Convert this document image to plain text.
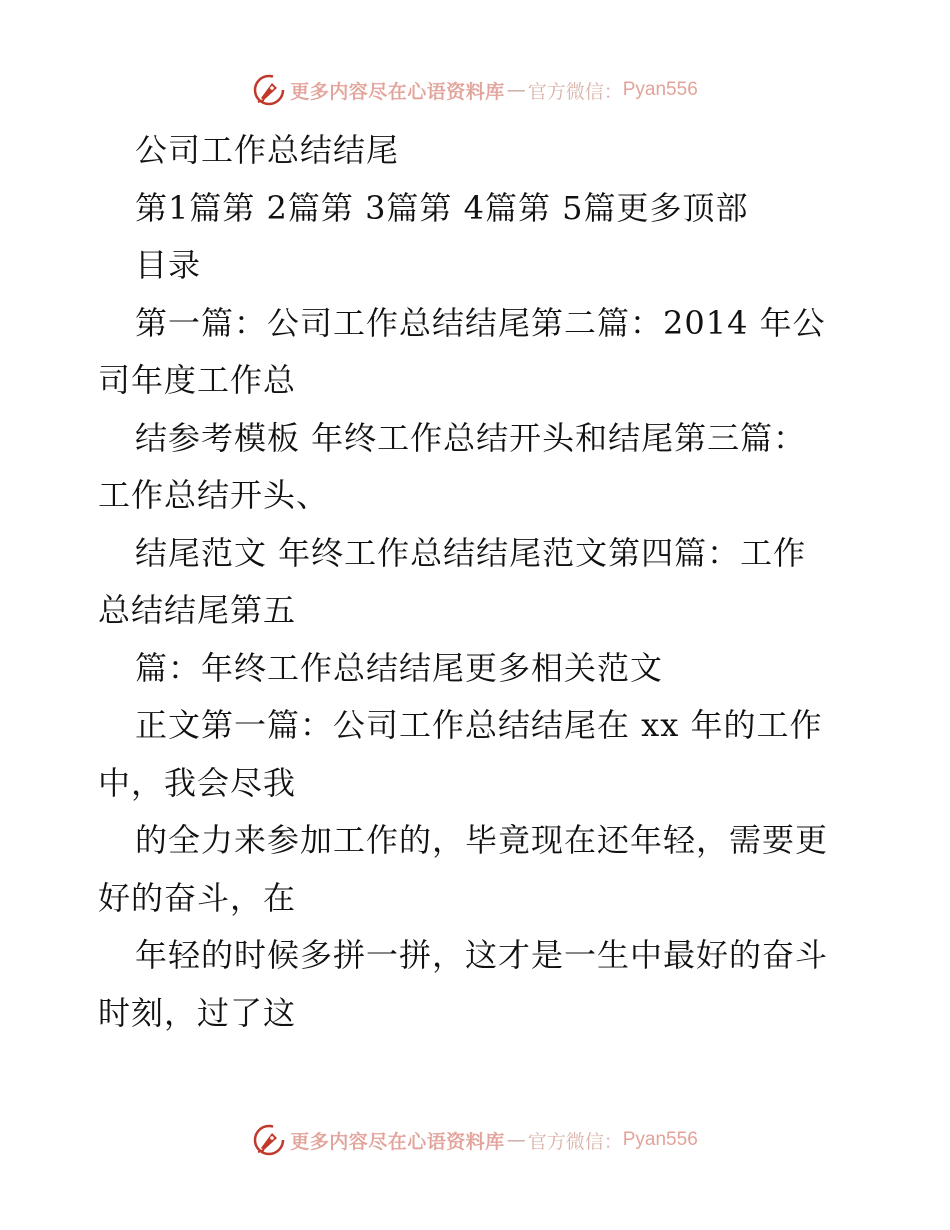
更多内容尽在心语资料库 — 官方微信： Pyan556
公司工作总结结尾
第1篇第 2篇第 3篇第 4篇第 5篇更多顶部
目录
第一篇：公司工作总结结尾第二篇：2014 年公
司年度工作总
结参考模板 年终工作总结开头和结尾第三篇：
工作总结开头、
结尾范文 年终工作总结结尾范文第四篇：工作
总结结尾第五
篇：年终工作总结结尾更多相关范文
正文第一篇：公司工作总结结尾在 xx 年的工作
中，我会尽我
的全力来参加工作的，毕竟现在还年轻，需要更
好的奋斗，在
年轻的时候多拼一拼，这才是一生中最好的奋斗
时刻，过了这
更多内容尽在心语资料库 — 官方微信： Pyan556
